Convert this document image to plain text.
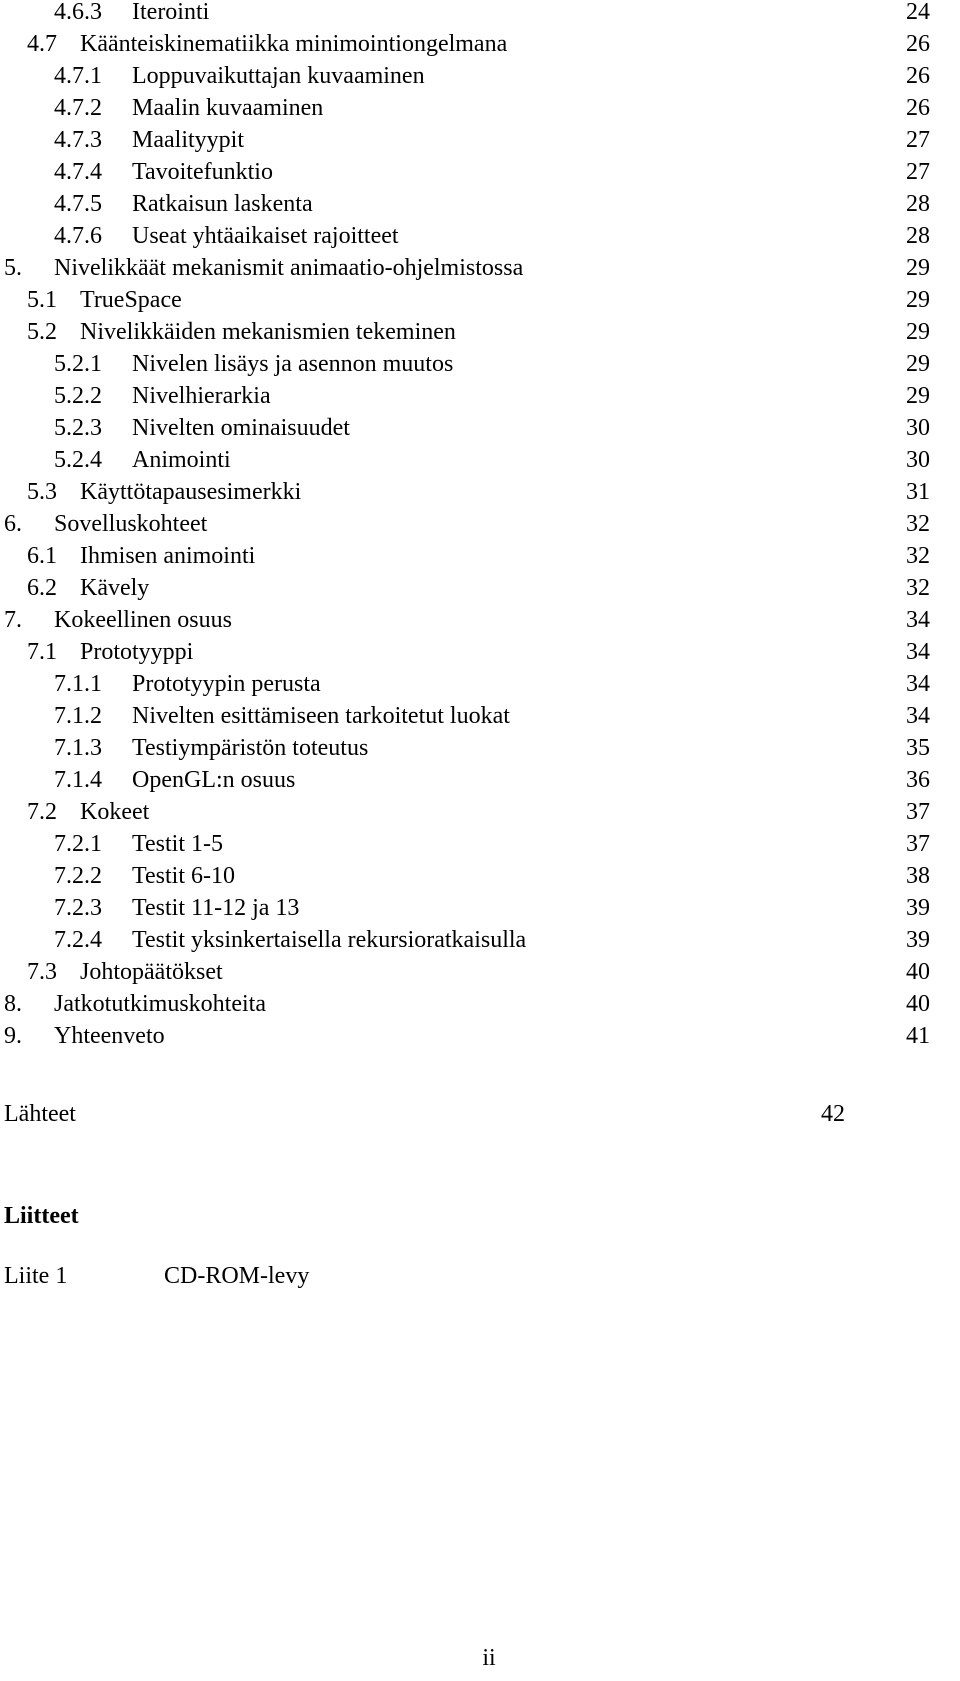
4.6.3 Iterointi	24
4.7 Käänteiskinematiikka minimointiongelmana	26
4.7.1 Loppuvaikuttajan kuvaaminen	26
4.7.2 Maalin kuvaaminen	26
4.7.3 Maalityypit	27
4.7.4 Tavoitefunktio	27
4.7.5 Ratkaisun laskenta	28
4.7.6 Useat yhtäaikaiset rajoitteet	28
5. Nivelikkäät mekanismit animaatio-ohjelmistossa	29
5.1 TrueSpace	29
5.2 Nivelikkäiden mekanismien tekeminen	29
5.2.1 Nivelen lisäys ja asennon muutos	29
5.2.2 Nivelhierarkia	29
5.2.3 Nivelten ominaisuudet	30
5.2.4 Animointi	30
5.3 Käyttötapausesimerkki	31
6. Sovelluskohteet	32
6.1 Ihmisen animointi	32
6.2 Kävely	32
7. Kokeellinen osuus	34
7.1 Prototyyppi	34
7.1.1 Prototyypin perusta	34
7.1.2 Nivelten esittämiseen tarkoitetut luokat	34
7.1.3 Testiympäristön toteutus	35
7.1.4 OpenGL:n osuus	36
7.2 Kokeet	37
7.2.1 Testit 1-5	37
7.2.2 Testit 6-10	38
7.2.3 Testit 11-12 ja 13	39
7.2.4 Testit yksinkertaisella rekursioratkaisulla	39
7.3 Johtopäätökset	40
8. Jatkotutkimuskohteita	40
9. Yhteenveto	41
Lähteet	42
Liitteet
Liite 1	CD-ROM-levy
ii
